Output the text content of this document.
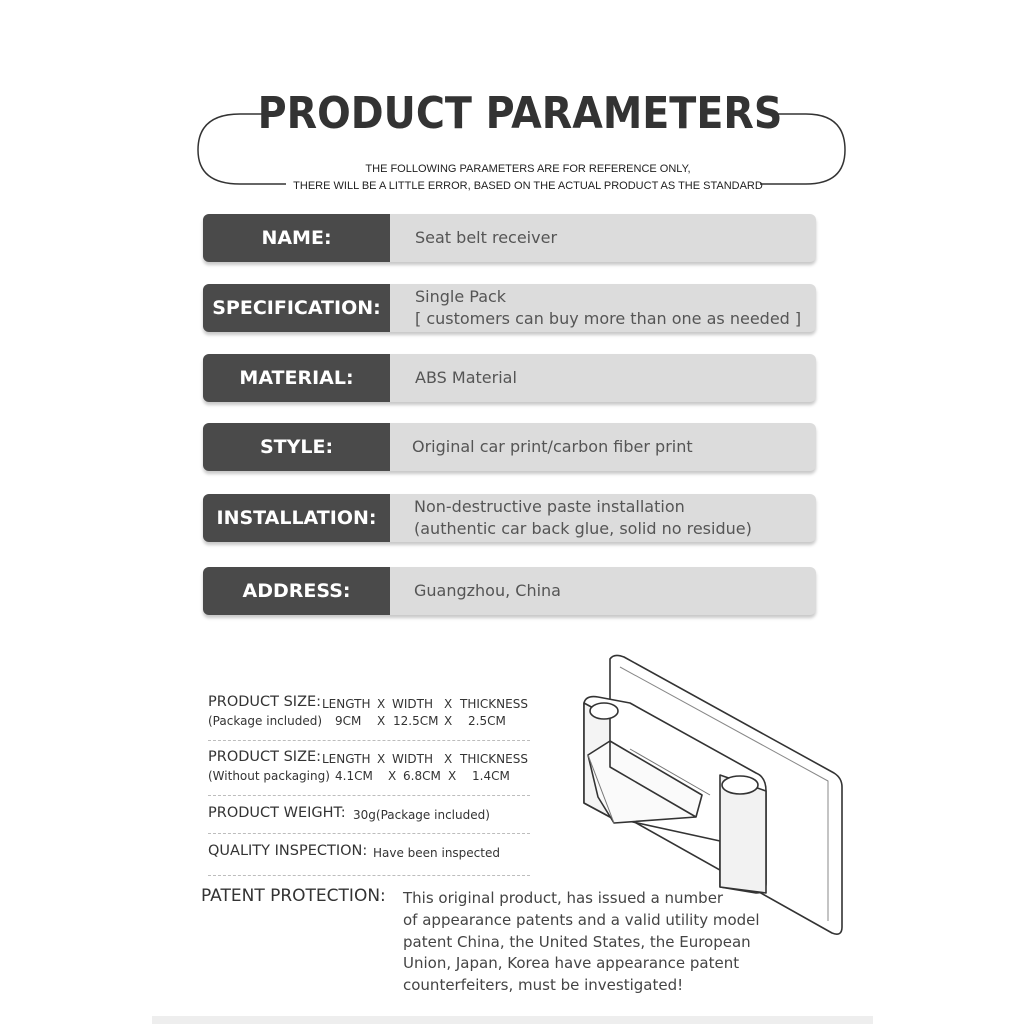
PRODUCT PARAMETERS
THE FOLLOWING PARAMETERS ARE FOR REFERENCE ONLY,
THERE WILL BE A LITTLE ERROR, BASED ON THE ACTUAL PRODUCT AS THE STANDARD
NAME:	Seat belt receiver
SPECIFICATION:
Single Pack
[ customers can buy more than one as needed ]
MATERIAL:	ABS Material
STYLE:	Original car print/carbon fiber print
INSTALLATION:
Non-destructive paste installation
(authentic car back glue, solid no residue)
ADDRESS:	Guangzhou, China
PRODUCT SIZE: LENGTH X WIDTH X THICKNESS
(Package included) 9CM X 12.5CM X 2.5CM
PRODUCT SIZE: LENGTH X WIDTH X THICKNESS
(Without packaging) 4.1CM X 6.8CM X 1.4CM
PRODUCT WEIGHT: 30g(Package included)
QUALITY INSPECTION: Have been inspected
PATENT PROTECTION: This original product, has issued a number
of appearance patents and a valid utility model
patent China, the United States, the European
Union, Japan, Korea have appearance patent
counterfeiters, must be investigated!
